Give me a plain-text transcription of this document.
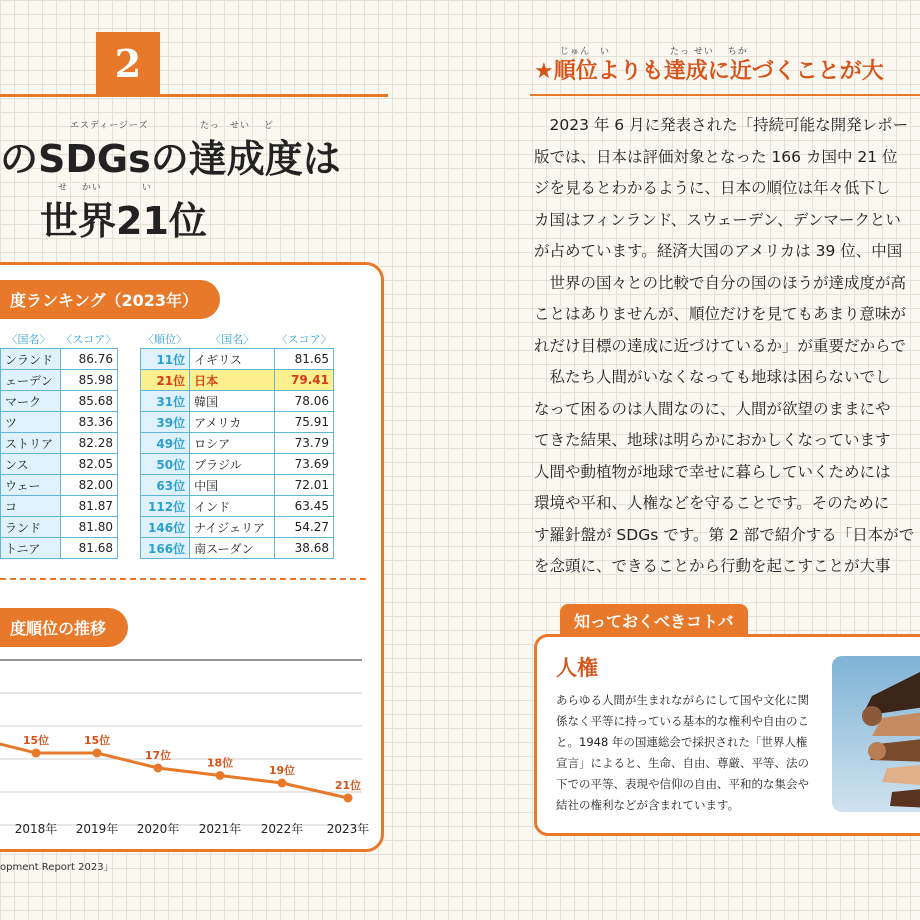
2
エスディージーズ	たっ　せい　 ど
のSDGsの達成度は
せ　 かい　　　　い
世界21位
度ランキング（2023年）
〈国名〉	〈スコア〉
ンランド	86.76
ェーデン	85.98
マーク	85.68
ツ	83.36
ストリア	82.28
ンス	82.05
ウェー	82.00
コ	81.87
ランド	81.80
トニア	81.68
〈順位〉	〈国名〉	〈スコア〉
11位	イギリス	81.65
21位	日本	79.41
31位	韓国	78.06
39位	アメリカ	75.91
49位	ロシア	73.79
50位	ブラジル	73.69
63位	中国	72.01
112位	インド	63.45
146位	ナイジェリア	54.27
166位	南スーダン	38.68
度順位の推移
15位	15位
17位
18位
19位
21位
2018年 2019年 2020年 2021年 2022年 2023年
opment Report 2023」
じゅん　い　　　　　　たっ せい　 ちか
★順位よりも達成に近づくことが大

　2023 年 6 月に発表された「持続可能な開発レポー

版では、日本は評価対象となった 166 カ国中 21 位

ジを見るとわかるように、日本の順位は年々低下し

カ国はフィンランド、スウェーデン、デンマークとい

が占めています。経済大国のアメリカは 39 位、中国

　世界の国々との比較で自分の国のほうが達成度が高

ことはありませんが、順位だけを見てもあまり意味が

れだけ目標の達成に近づけているか」が重要だからで

　私たち人間がいなくなっても地球は困らないでし

なって困るのは人間なのに、人間が欲望のままにや

てきた結果、地球は明らかにおかしくなっています

人間や動植物が地球で幸せに暮らしていくためには

環境や平和、人権などを守ることです。そのために

す羅針盤が SDGs です。第 2 部で紹介する「日本がで

を念頭に、できることから行動を起こすことが大事

知っておくべきコトバ
人権
あらゆる人間が生まれながらにして国や文化に関係なく平等に持っている基本的な権利や自由のこと。1948 年の国連総会で採択された「世界人権宣言」によると、生命、自由、尊厳、平等、法の下での平等、表現や信仰の自由、平和的な集会や結社の権利などが含まれています。
